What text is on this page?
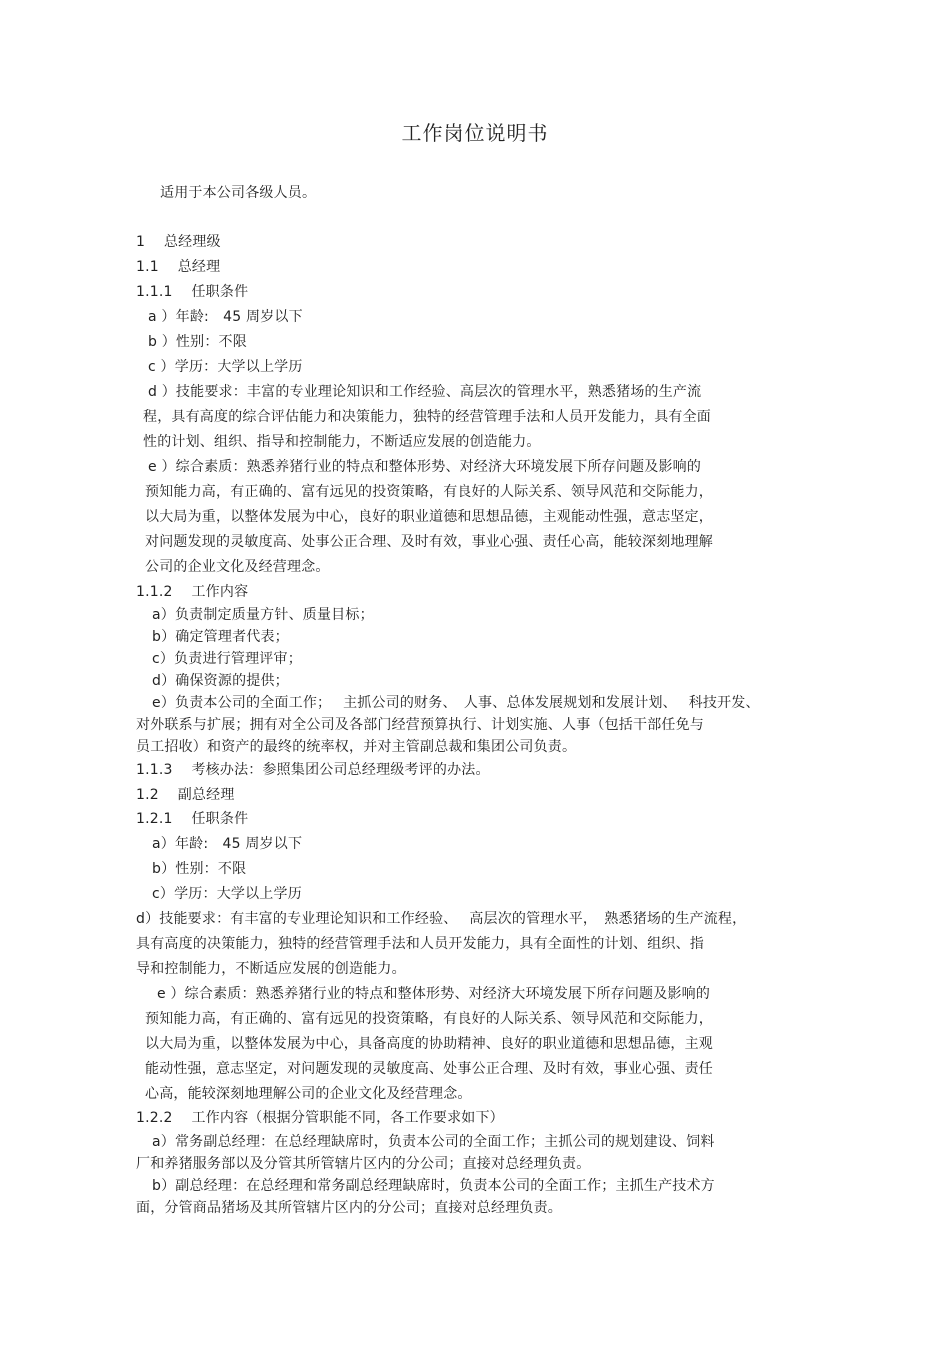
工作岗位说明书
适用于本公司各级人员。
1　 总经理级
1.1　 总经理
1.1.1　 任职条件
a ）年龄:　45 周岁以下
b ）性别：不限
c ）学历：大学以上学历
d ）技能要求：丰富的专业理论知识和工作经验、高层次的管理水平，熟悉猪场的生产流
程，具有高度的综合评估能力和决策能力，独特的经营管理手法和人员开发能力，具有全面
性的计划、组织、指导和控制能力，不断适应发展的创造能力。
e ）综合素质：熟悉养猪行业的特点和整体形势、对经济大环境发展下所存问题及影响的
预知能力高，有正确的、富有远见的投资策略，有良好的人际关系、领导风范和交际能力，
以大局为重，以整体发展为中心，良好的职业道德和思想品德，主观能动性强，意志坚定，
对问题发现的灵敏度高、处事公正合理、及时有效，事业心强、责任心高，能较深刻地理解
公司的企业文化及经营理念。
1.1.2　 工作内容
a）负责制定质量方针、质量目标；
b）确定管理者代表；
c）负责进行管理评审；
d）确保资源的提供；
e）负责本公司的全面工作；　 主抓公司的财务、　人事、总体发展规划和发展计划、　 科技开发、
对外联系与扩展；拥有对全公司及各部门经营预算执行、计划实施、人事（包括干部任免与
员工招收）和资产的最终的统率权，并对主管副总裁和集团公司负责。
1.1.3　 考核办法：参照集团公司总经理级考评的办法。
1.2　 副总经理
1.2.1　 任职条件
a）年龄:　45 周岁以下
b）性别：不限
c）学历：大学以上学历
d）技能要求：有丰富的专业理论知识和工作经验、　 高层次的管理水平，　熟悉猪场的生产流程，
具有高度的决策能力，独特的经营管理手法和人员开发能力，具有全面性的计划、组织、指
导和控制能力，不断适应发展的创造能力。
e ）综合素质：熟悉养猪行业的特点和整体形势、对经济大环境发展下所存问题及影响的
预知能力高，有正确的、富有远见的投资策略，有良好的人际关系、领导风范和交际能力，
以大局为重，以整体发展为中心，具备高度的协助精神、良好的职业道德和思想品德，主观
能动性强，意志坚定，对问题发现的灵敏度高、处事公正合理、及时有效，事业心强、责任
心高，能较深刻地理解公司的企业文化及经营理念。
1.2.2　 工作内容（根据分管职能不同，各工作要求如下）
a）常务副总经理：在总经理缺席时，负责本公司的全面工作；主抓公司的规划建设、饲料
厂和养猪服务部以及分管其所管辖片区内的分公司；直接对总经理负责。
b）副总经理：在总经理和常务副总经理缺席时，负责本公司的全面工作；主抓生产技术方
面，分管商品猪场及其所管辖片区内的分公司；直接对总经理负责。
